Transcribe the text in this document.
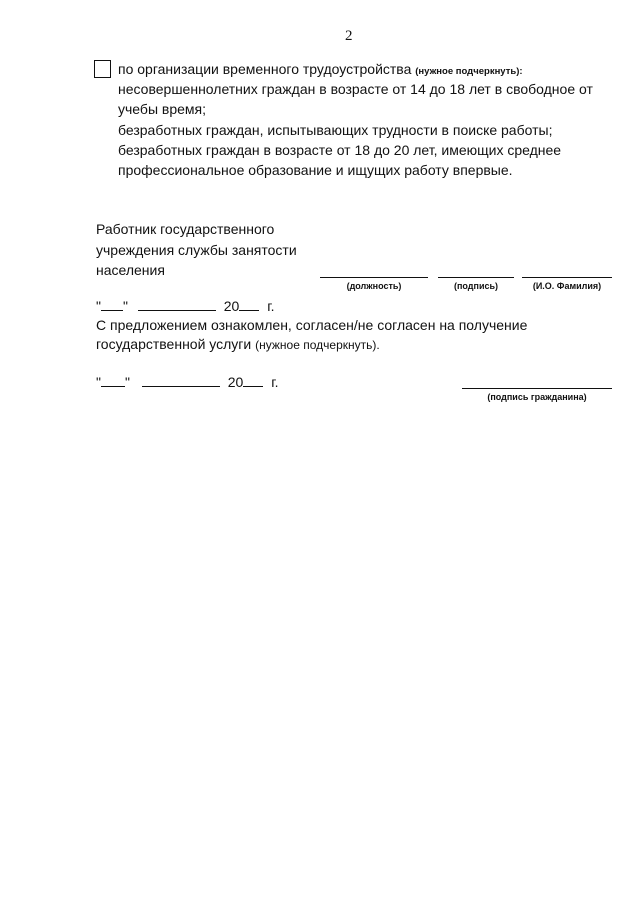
2
по организации временного трудоустройства (нужное подчеркнуть):
несовершеннолетних граждан в возрасте от 14 до 18 лет в свободное от
учебы время;
безработных граждан, испытывающих трудности в поиске работы;
безработных граждан в возрасте от 18 до 20 лет, имеющих среднее
профессиональное образование и ищущих работу впервые.
Работник государственного
учреждения службы занятости
населения
(должность)	(подпись)	(И.О. Фамилия)
" "	20 г.
С предложением ознакомлен, согласен/не согласен на получение
государственной услуги (нужное подчеркнуть).
" "	20 г.
(подпись гражданина)
